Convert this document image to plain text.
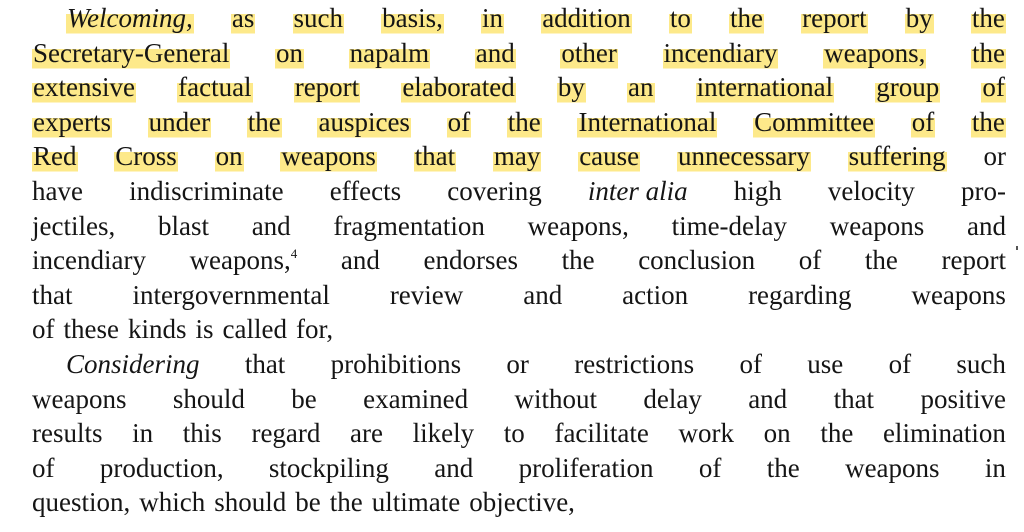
Welcoming, as such basis, in addition to the report by the
Secretary-General on napalm and other incendiary weapons, the
extensive factual report elaborated by an international group of
experts under the auspices of the International Committee of the
Red Cross on weapons that may cause unnecessary suffering or
have indiscriminate effects covering inter alia high velocity pro-
jectiles, blast and fragmentation weapons, time-delay weapons and
incendiary weapons,$^4$ and endorses the conclusion of the report
that intergovernmental review and action regarding weapons
of these kinds is called for,
Considering that prohibitions or restrictions of use of such
weapons should be examined without delay and that positive
results in this regard are likely to facilitate work on the elimination
of production, stockpiling and proliferation of the weapons in
question, which should be the ultimate objective,
